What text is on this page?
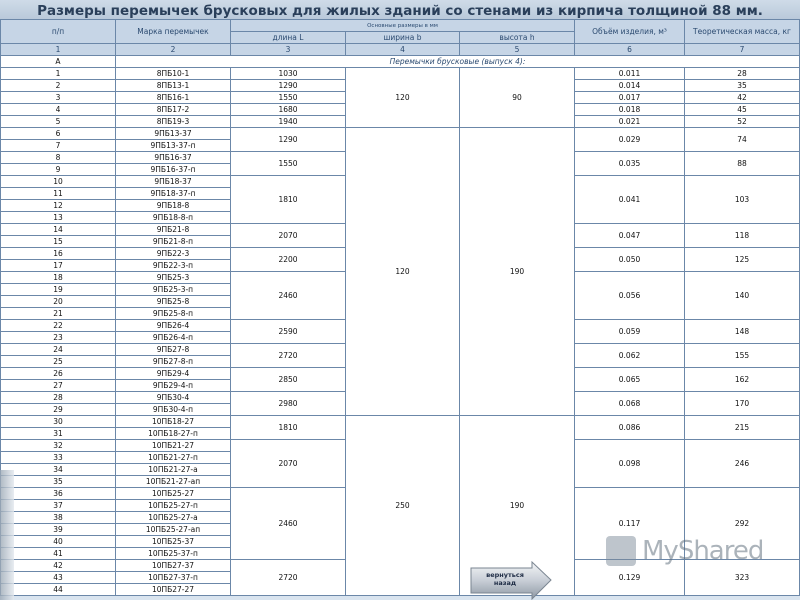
Размеры перемычек брусковых для жилых зданий со стенами из кирпича толщиной 88 мм.
п/п	Марка перемычек	Основные размеры в мм			Объём изделия, м³	Теоретическая масса, кг
		длина L	ширина b	высота h		
1	2	3	4	5	6	7
А	Перемычки брусковые (выпуск 4):					
1	8ПБ10-1	1030	120	90	0.011	28
2	8ПБ13-1	1290			0.014	35
3	8ПБ16-1	1550			0.017	42
4	8ПБ17-2	1680			0.018	45
5	8ПБ19-3	1940			0.021	52
6	9ПБ13-37	1290	120	190	0.029	74
7	9ПБ13-37-п					
8	9ПБ16-37	1550			0.035	88
9	9ПБ16-37-п					
10	9ПБ18-37	1810			0.041	103
11	9ПБ18-37-п					
12	9ПБ18-8					
13	9ПБ18-8-п					
14	9ПБ21-8	2070			0.047	118
15	9ПБ21-8-п					
16	9ПБ22-3	2200			0.050	125
17	9ПБ22-3-п					
18	9ПБ25-3	2460			0.056	140
19	9ПБ25-3-п					
20	9ПБ25-8					
21	9ПБ25-8-п					
22	9ПБ26-4	2590			0.059	148
23	9ПБ26-4-п					
24	9ПБ27-8	2720			0.062	155
25	9ПБ27-8-п					
26	9ПБ29-4	2850			0.065	162
27	9ПБ29-4-п					
28	9ПБ30-4	2980			0.068	170
29	9ПБ30-4-п					
30	10ПБ18-27	1810	250	190	0.086	215
31	10ПБ18-27-п					
32	10ПБ21-27	2070			0.098	246
33	10ПБ21-27-п					
34	10ПБ21-27-а					
35	10ПБ21-27-ап					
36	10ПБ25-27	2460			0.117	292
37	10ПБ25-27-п					
38	10ПБ25-27-а					
39	10ПБ25-27-ап					
40	10ПБ25-37					
41	10ПБ25-37-п					
42	10ПБ27-37	2720			0.129	323
43	10ПБ27-37-п					
44	10ПБ27-27					
MyShared
вернуться назад
